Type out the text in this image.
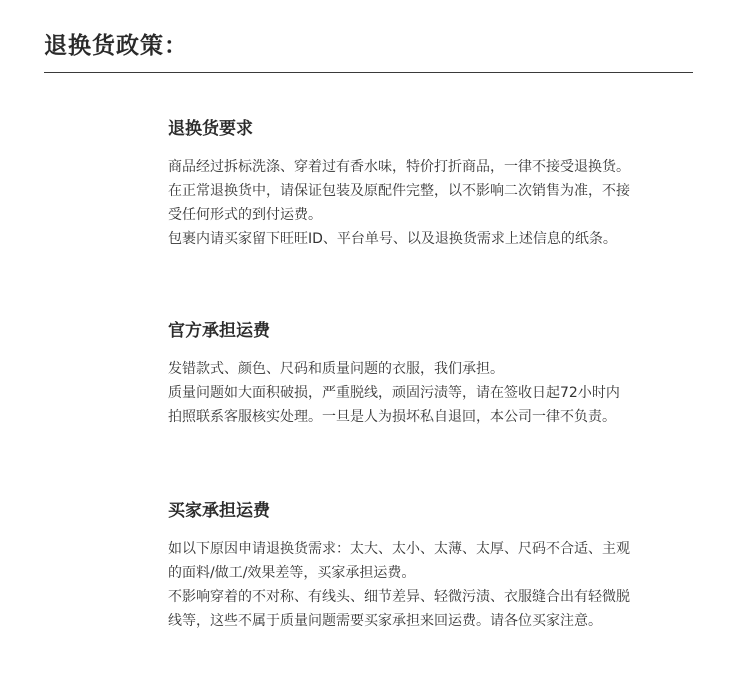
退换货政策：
退换货要求

商品经过拆标洗涤、穿着过有香水味，特价打折商品，一律不接受退换货。

在正常退换货中，请保证包装及原配件完整，以不影响二次销售为准，不接

受任何形式的到付运费。

包裹内请买家留下旺旺ID、平台单号、以及退换货需求上述信息的纸条。

官方承担运费

发错款式、颜色、尺码和质量问题的衣服，我们承担。

质量问题如大面积破损，严重脱线，顽固污渍等，请在签收日起72小时内

拍照联系客服核实处理。一旦是人为损坏私自退回，本公司一律不负责。

买家承担运费

如以下原因申请退换货需求：太大、太小、太薄、太厚、尺码不合适、主观

的面料/做工/效果差等，买家承担运费。

不影响穿着的不对称、有线头、细节差异、轻微污渍、衣服缝合出有轻微脱

线等，这些不属于质量问题需要买家承担来回运费。请各位买家注意。
